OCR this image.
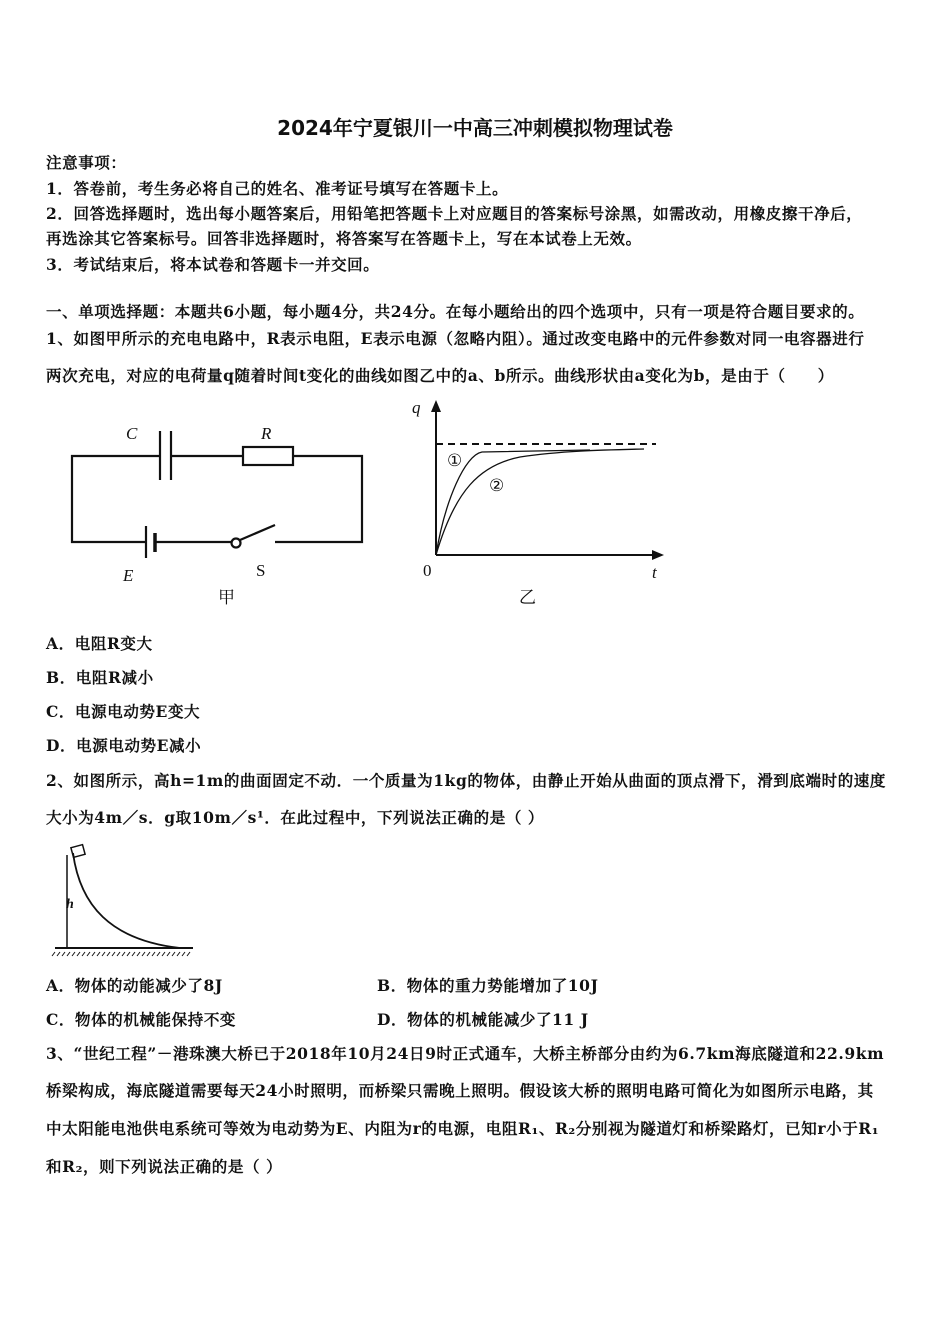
2024年宁夏银川一中高三冲刺模拟物理试卷
注意事项：
1．答卷前，考生务必将自己的姓名、准考证号填写在答题卡上。
2．回答选择题时，选出每小题答案后，用铅笔把答题卡上对应题目的答案标号涂黑，如需改动，用橡皮擦干净后，
再选涂其它答案标号。回答非选择题时，将答案写在答题卡上，写在本试卷上无效。
3．考试结束后，将本试卷和答题卡一并交回。
一、单项选择题：本题共6小题，每小题4分，共24分。在每小题给出的四个选项中，只有一项是符合题目要求的。
1、如图甲所示的充电电路中，R表示电阻，E表示电源（忽略内阻）。通过改变电路中的元件参数对同一电容器进行
两次充电，对应的电荷量q随着时间t变化的曲线如图乙中的a、b所示。曲线形状由a变化为b，是由于（　　）
C	R
E	S
甲
q
0	t
①
②
乙
h
A．电阻R变大
B．电阻R减小
C．电源电动势E变大
D．电源电动势E减小
2、如图所示，高h=1m的曲面固定不动．一个质量为1kg的物体，由静止开始从曲面的顶点滑下，滑到底端时的速度
大小为4m／s．g取10m／s¹．在此过程中，下列说法正确的是（ ）
A．物体的动能减少了8J	B．物体的重力势能增加了10J
C．物体的机械能保持不变	D．物体的机械能减少了11 J
3、“世纪工程”－港珠澳大桥已于2018年10月24日9时正式通车，大桥主桥部分由约为6.7km海底隧道和22.9km
桥梁构成，海底隧道需要每天24小时照明，而桥梁只需晚上照明。假设该大桥的照明电路可简化为如图所示电路，其
中太阳能电池供电系统可等效为电动势为E、内阻为r的电源，电阻R₁、R₂分别视为隧道灯和桥梁路灯，已知r小于R₁
和R₂，则下列说法正确的是（ ）
